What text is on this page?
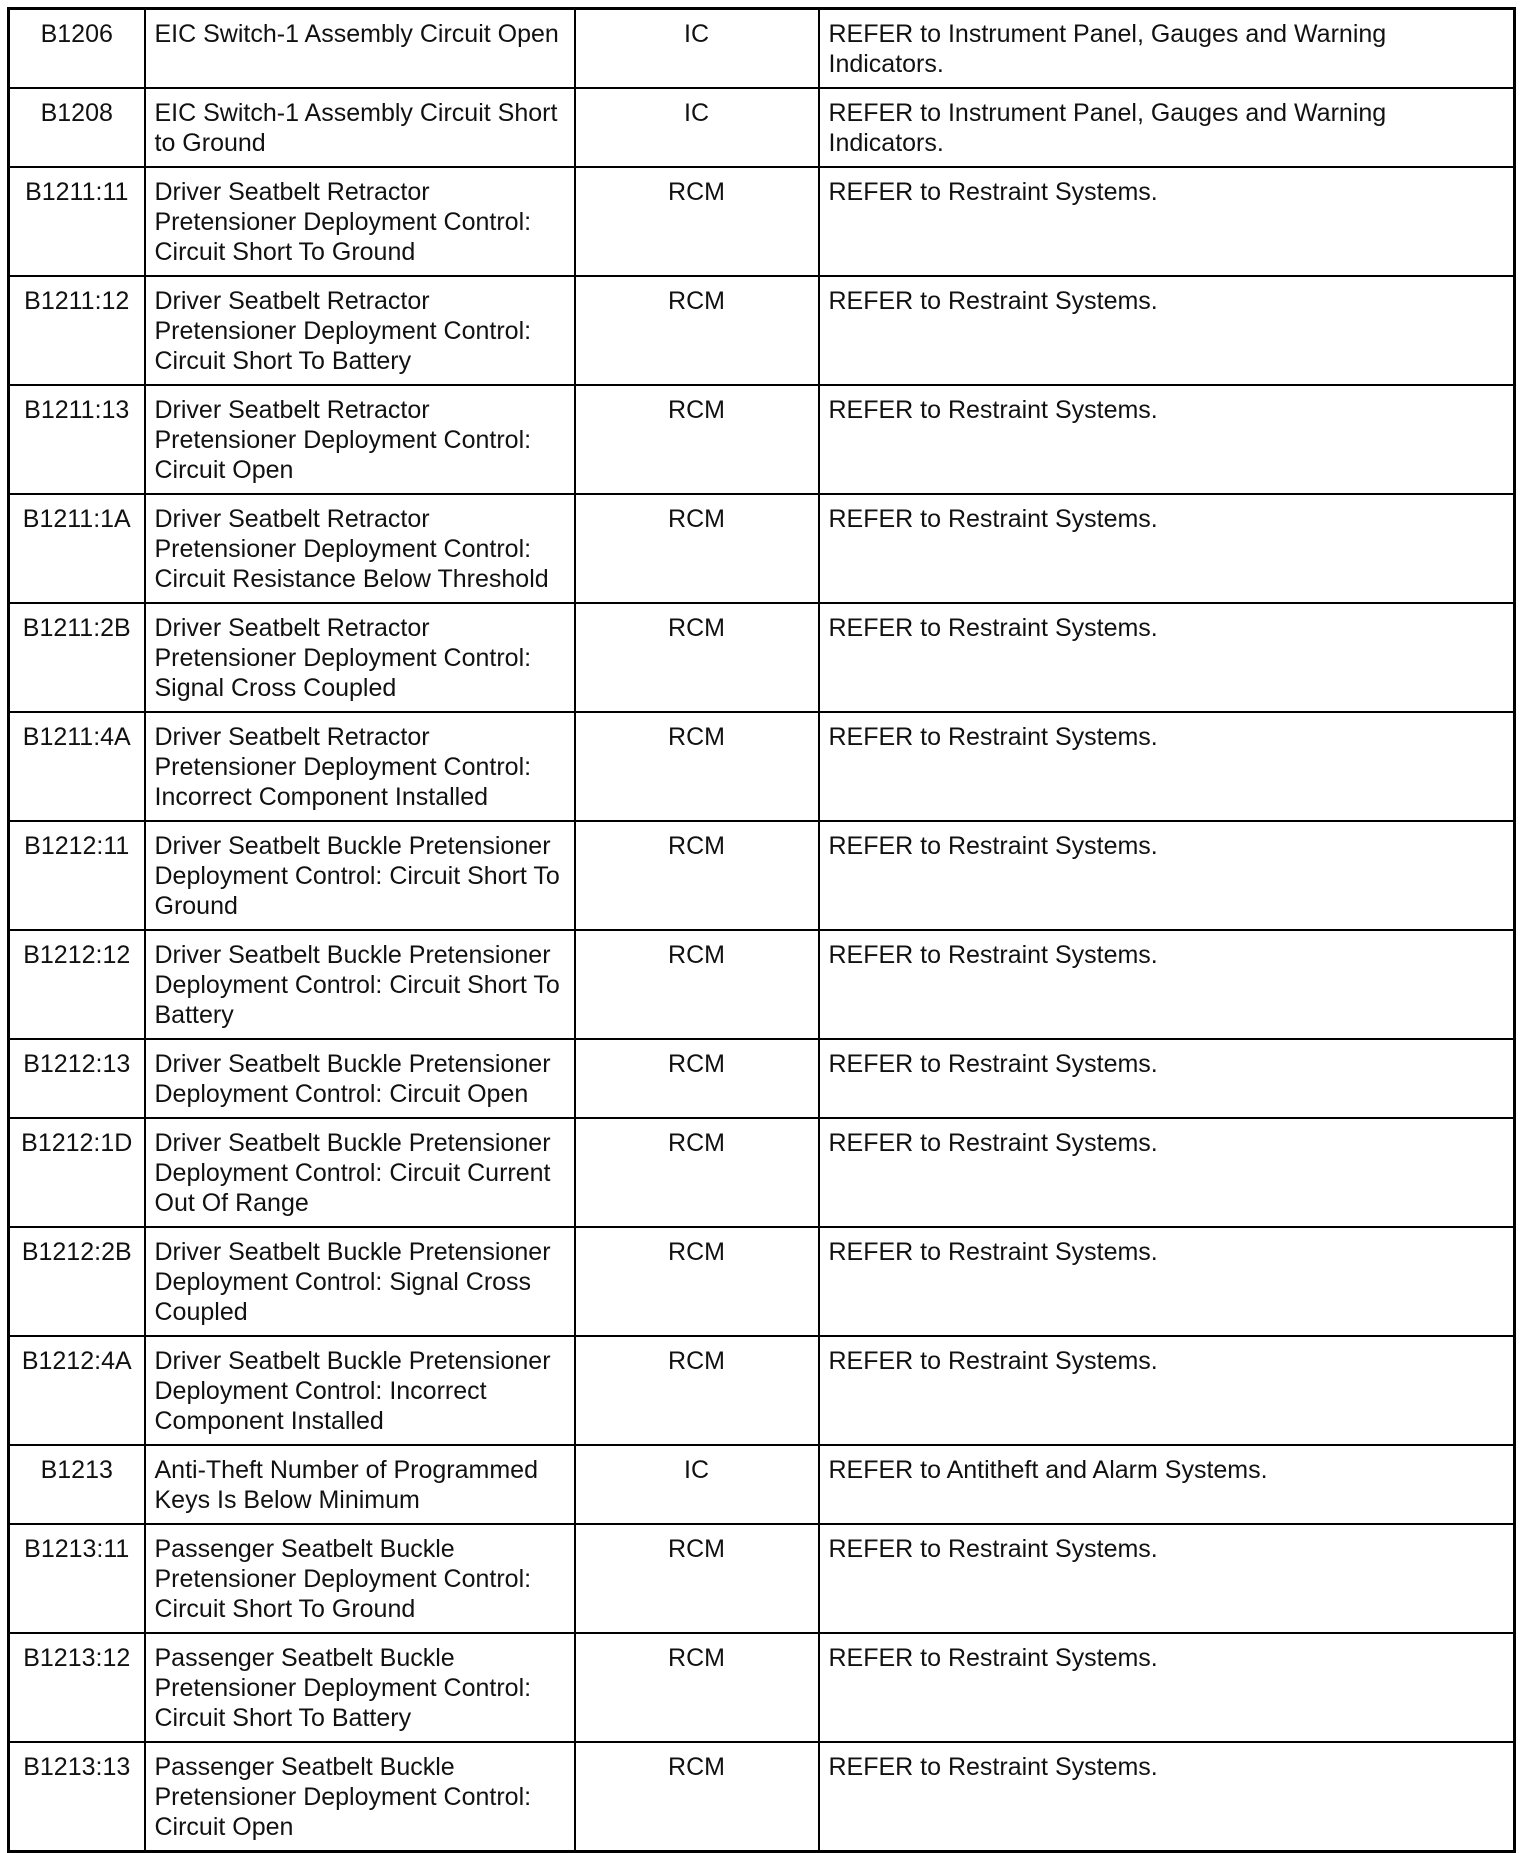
B1206	EIC Switch-1 Assembly Circuit Open	IC	REFER to Instrument Panel, Gauges and Warning Indicators.
B1208	EIC Switch-1 Assembly Circuit Short to Ground	IC	REFER to Instrument Panel, Gauges and Warning Indicators.
B1211:11	Driver Seatbelt Retractor Pretensioner Deployment Control: Circuit Short To Ground	RCM	REFER to Restraint Systems.
B1211:12	Driver Seatbelt Retractor Pretensioner Deployment Control: Circuit Short To Battery	RCM	REFER to Restraint Systems.
B1211:13	Driver Seatbelt Retractor Pretensioner Deployment Control: Circuit Open	RCM	REFER to Restraint Systems.
B1211:1A	Driver Seatbelt Retractor Pretensioner Deployment Control: Circuit Resistance Below Threshold	RCM	REFER to Restraint Systems.
B1211:2B	Driver Seatbelt Retractor Pretensioner Deployment Control: Signal Cross Coupled	RCM	REFER to Restraint Systems.
B1211:4A	Driver Seatbelt Retractor Pretensioner Deployment Control: Incorrect Component Installed	RCM	REFER to Restraint Systems.
B1212:11	Driver Seatbelt Buckle Pretensioner Deployment Control: Circuit Short To Ground	RCM	REFER to Restraint Systems.
B1212:12	Driver Seatbelt Buckle Pretensioner Deployment Control: Circuit Short To Battery	RCM	REFER to Restraint Systems.
B1212:13	Driver Seatbelt Buckle Pretensioner Deployment Control: Circuit Open	RCM	REFER to Restraint Systems.
B1212:1D	Driver Seatbelt Buckle Pretensioner Deployment Control: Circuit Current Out Of Range	RCM	REFER to Restraint Systems.
B1212:2B	Driver Seatbelt Buckle Pretensioner Deployment Control: Signal Cross Coupled	RCM	REFER to Restraint Systems.
B1212:4A	Driver Seatbelt Buckle Pretensioner Deployment Control: Incorrect Component Installed	RCM	REFER to Restraint Systems.
B1213	Anti-Theft Number of Programmed Keys Is Below Minimum	IC	REFER to Antitheft and Alarm Systems.
B1213:11	Passenger Seatbelt Buckle Pretensioner Deployment Control: Circuit Short To Ground	RCM	REFER to Restraint Systems.
B1213:12	Passenger Seatbelt Buckle Pretensioner Deployment Control: Circuit Short To Battery	RCM	REFER to Restraint Systems.
B1213:13	Passenger Seatbelt Buckle Pretensioner Deployment Control: Circuit Open	RCM	REFER to Restraint Systems.
